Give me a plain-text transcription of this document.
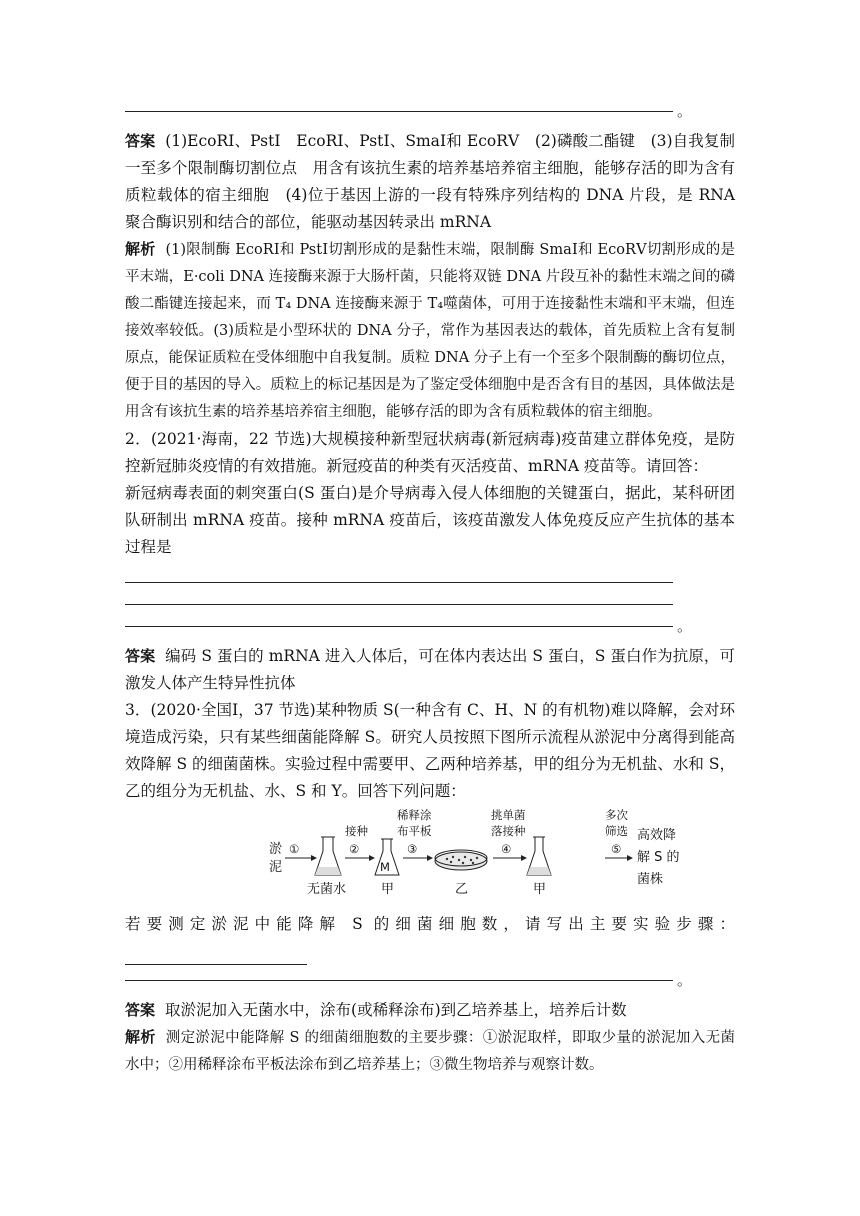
。

答案 (1)EcoRⅠ、PstⅠ　EcoRⅠ、PstⅠ、SmaⅠ和 EcoRⅤ　(2)磷酸二酯键　(3)自我复制 一至多个限制酶切割位点　用含有该抗生素的培养基培养宿主细胞，能够存活的即为含有质粒载体的宿主细胞　(4)位于基因上游的一段有特殊序列结构的 DNA 片段，是 RNA 聚合酶识别和结合的部位，能驱动基因转录出 mRNA

解析 (1)限制酶 EcoRⅠ和 PstⅠ切割形成的是黏性末端，限制酶 SmaⅠ和 EcoRⅤ切割形成的是平末端，E·coli DNA 连接酶来源于大肠杆菌，只能将双链 DNA 片段互补的黏性末端之间的磷酸二酯键连接起来，而 T₄ DNA 连接酶来源于 T₄噬菌体，可用于连接黏性末端和平末端，但连接效率较低。(3)质粒是小型环状的 DNA 分子，常作为基因表达的载体，首先质粒上含有复制原点，能保证质粒在受体细胞中自我复制。质粒 DNA 分子上有一个至多个限制酶的酶切位点，便于目的基因的导入。质粒上的标记基因是为了鉴定受体细胞中是否含有目的基因，具体做法是用含有该抗生素的培养基培养宿主细胞，能够存活的即为含有质粒载体的宿主细胞。

2．(2021·海南，22 节选)大规模接种新型冠状病毒(新冠病毒)疫苗建立群体免疫，是防控新冠肺炎疫情的有效措施。新冠疫苗的种类有灭活疫苗、mRNA 疫苗等。请回答：

新冠病毒表面的刺突蛋白(S 蛋白)是介导病毒入侵人体细胞的关键蛋白，据此，某科研团队研制出 mRNA 疫苗。接种 mRNA 疫苗后，该疫苗激发人体免疫反应产生抗体的基本过程是

。

答案 编码 S 蛋白的 mRNA 进入人体后，可在体内表达出 S 蛋白，S 蛋白作为抗原，可激发人体产生特异性抗体

3．(2020·全国Ⅰ，37 节选)某种物质 S(一种含有 C、H、N 的有机物)难以降解，会对环境造成污染，只有某些细菌能降解 S。研究人员按照下图所示流程从淤泥中分离得到能高效降解 S 的细菌菌株。实验过程中需要甲、乙两种培养基，甲的组分为无机盐、水和 S，乙的组分为无机盐、水、S 和 Y。回答下列问题：

淤
泥
①
无菌水
接种
②
M
甲
稀释涂
布平板
③
乙
挑单菌
落接种
④
甲
多次
筛选
⑤
高效降
解 S 的
菌株

若要测定淤泥中能降解 S 的细菌细胞数，请写出主要实验步骤：

。

答案 取淤泥加入无菌水中，涂布(或稀释涂布)到乙培养基上，培养后计数

解析 测定淤泥中能降解 S 的细菌细胞数的主要步骤：①淤泥取样，即取少量的淤泥加入无菌水中；②用稀释涂布平板法涂布到乙培养基上；③微生物培养与观察计数。
